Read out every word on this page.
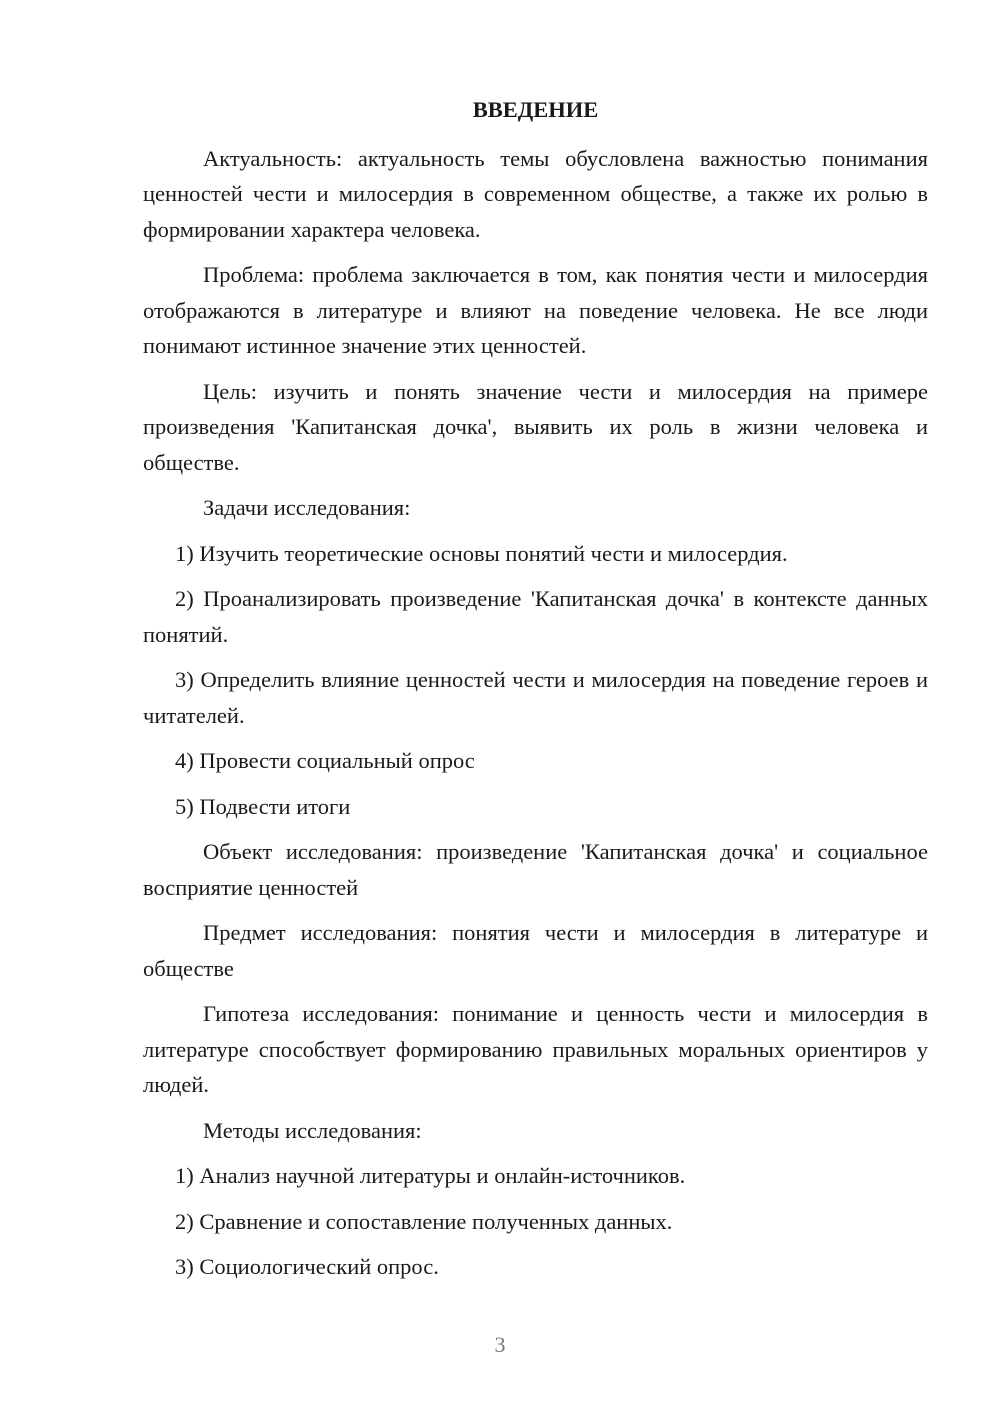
ВВЕДЕНИЕ

Актуальность: актуальность темы обусловлена важностью понимания ценностей чести и милосердия в современном обществе, а также их ролью в формировании характера человека.

Проблема: проблема заключается в том, как понятия чести и милосердия отображаются в литературе и влияют на поведение человека. Не все люди понимают истинное значение этих ценностей.

Цель: изучить и понять значение чести и милосердия на примере произведения 'Капитанская дочка', выявить их роль в жизни человека и обществе.

Задачи исследования:

1) Изучить теоретические основы понятий чести и милосердия.

2) Проанализировать произведение 'Капитанская дочка' в контексте данных понятий.

3) Определить влияние ценностей чести и милосердия на поведение героев и читателей.

4) Провести социальный опрос

5) Подвести итоги

Объект исследования: произведение 'Капитанская дочка' и социальное восприятие ценностей

Предмет исследования: понятия чести и милосердия в литературе и обществе

Гипотеза исследования: понимание и ценность чести и милосердия в литературе способствует формированию правильных моральных ориентиров у людей.

Методы исследования:

1) Анализ научной литературы и онлайн-источников.

2) Сравнение и сопоставление полученных данных.

3) Социологический опрос.

3
